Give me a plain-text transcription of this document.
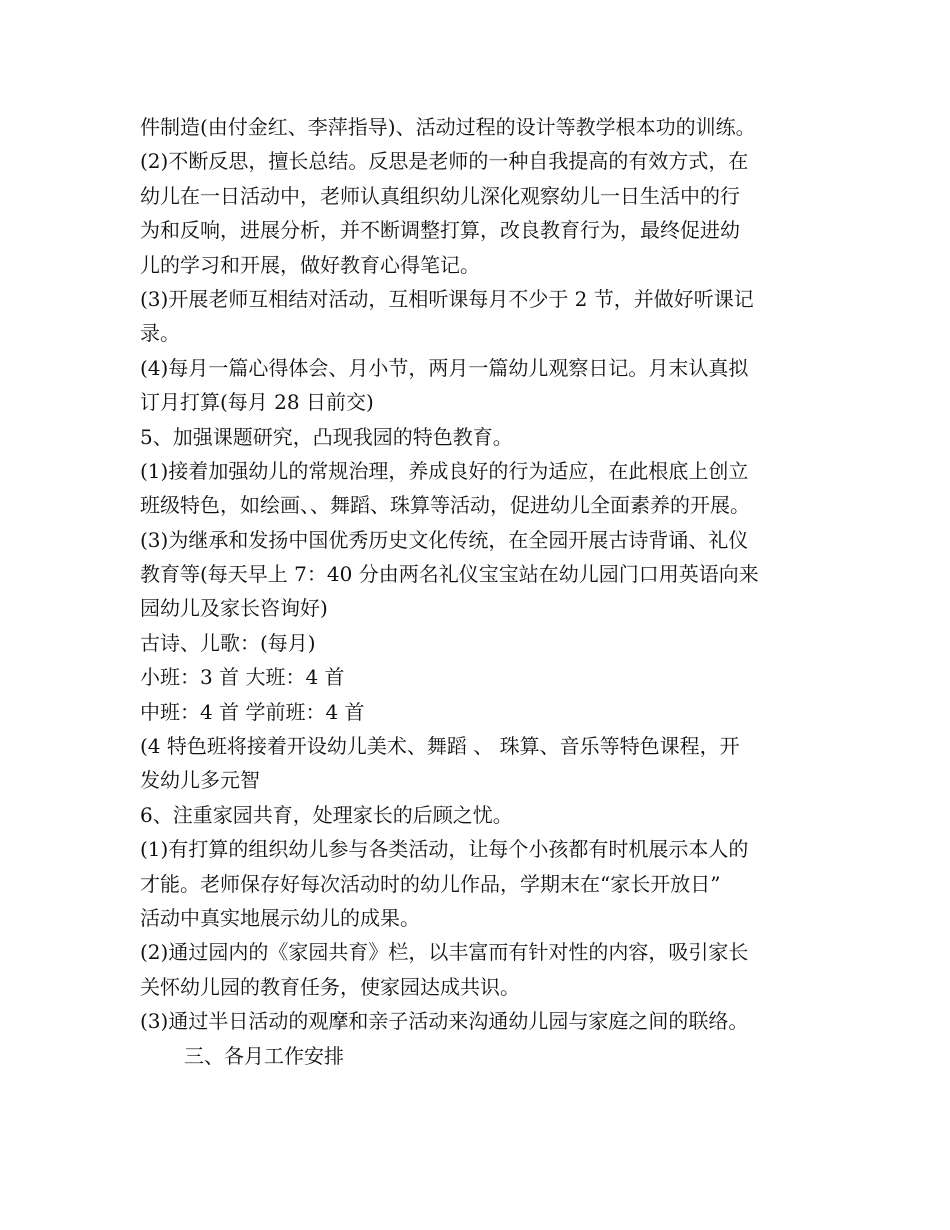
件制造(由付金红、李萍指导)、活动过程的设计等教学根本功的训练。
(2)不断反思，擅长总结。反思是老师的一种自我提高的有效方式，在
幼儿在一日活动中，老师认真组织幼儿深化观察幼儿一日生活中的行
为和反响，进展分析，并不断调整打算，改良教育行为，最终促进幼
儿的学习和开展，做好教育心得笔记。
(3)开展老师互相结对活动，互相听课每月不少于 2 节，并做好听课记
录。
(4)每月一篇心得体会、月小节，两月一篇幼儿观察日记。月末认真拟
订月打算(每月 28 日前交)
5、加强课题研究，凸现我园的特色教育。
(1)接着加强幼儿的常规治理，养成良好的行为适应，在此根底上创立
班级特色，如绘画、、舞蹈、珠算等活动，促进幼儿全面素养的开展。
(3)为继承和发扬中国优秀历史文化传统，在全园开展古诗背诵、礼仪
教育等(每天早上 7：40 分由两名礼仪宝宝站在幼儿园门口用英语向来
园幼儿及家长咨询好)
古诗、儿歌：(每月)
小班：3 首 大班：4 首
中班：4 首 学前班：4 首
(4 特色班将接着开设幼儿美术、舞蹈 、 珠算、音乐等特色课程，开
发幼儿多元智
6、注重家园共育，处理家长的后顾之忧。
(1)有打算的组织幼儿参与各类活动，让每个小孩都有时机展示本人的
才能。老师保存好每次活动时的幼儿作品，学期末在“家长开放日”
活动中真实地展示幼儿的成果。
(2)通过园内的《家园共育》栏，以丰富而有针对性的内容，吸引家长
关怀幼儿园的教育任务，使家园达成共识。
(3)通过半日活动的观摩和亲子活动来沟通幼儿园与家庭之间的联络。
三、各月工作安排
